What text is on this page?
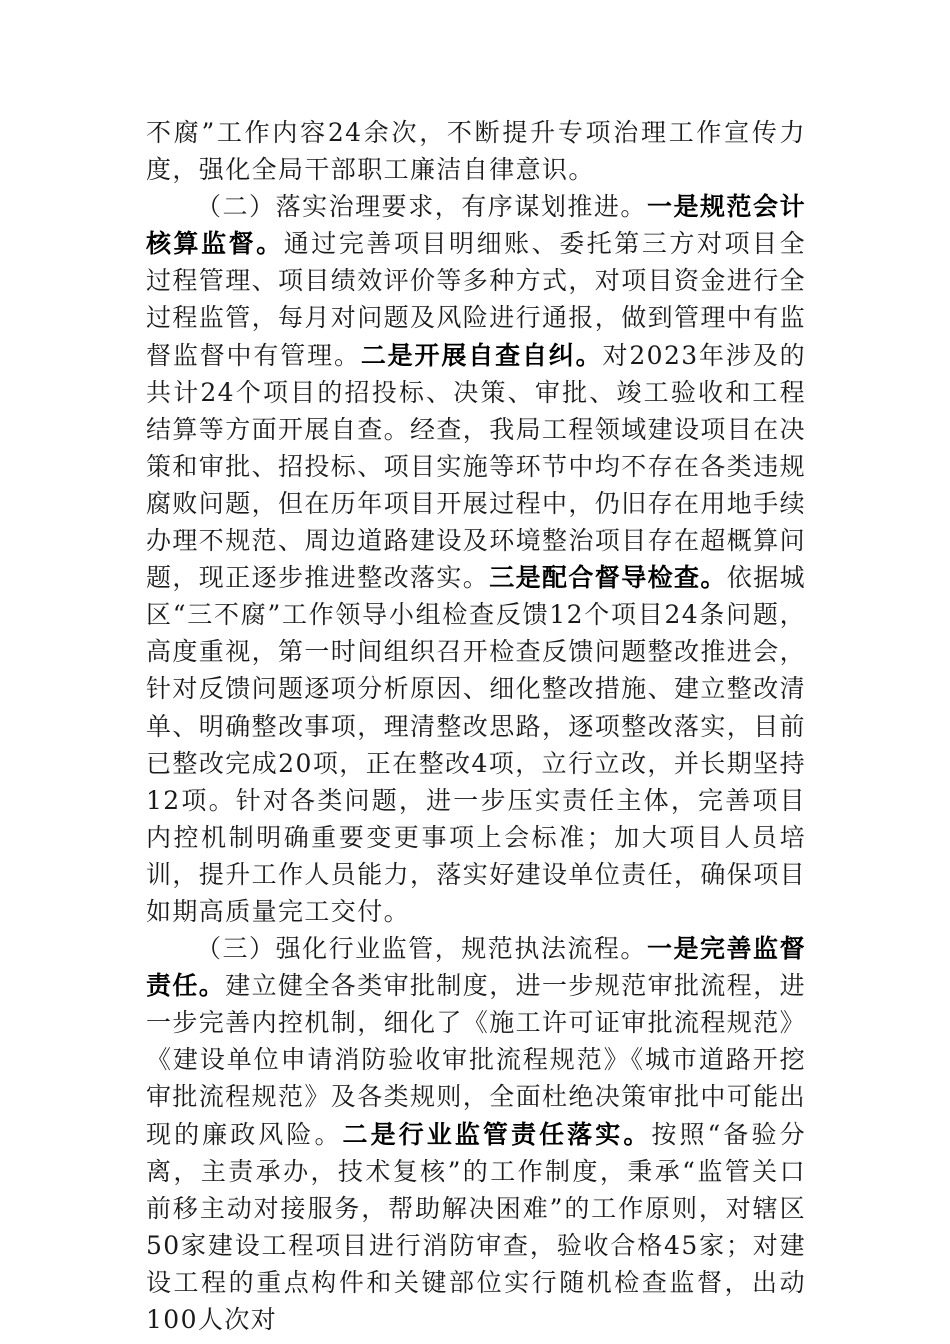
不腐”工作内容24余次，不断提升专项治理工作宣传力度，强化全局干部职工廉洁自律意识。

（二）落实治理要求，有序谋划推进。一是规范会计核算监督。通过完善项目明细账、委托第三方对项目全过程管理、项目绩效评价等多种方式，对项目资金进行全过程监管，每月对问题及风险进行通报，做到管理中有监督监督中有管理。二是开展自查自纠。对2023年涉及的共计24个项目的招投标、决策、审批、竣工验收和工程结算等方面开展自查。经查，我局工程领域建设项目在决策和审批、招投标、项目实施等环节中均不存在各类违规腐败问题，但在历年项目开展过程中，仍旧存在用地手续办理不规范、周边道路建设及环境整治项目存在超概算问题，现正逐步推进整改落实。三是配合督导检查。依据城区“三不腐”工作领导小组检查反馈12个项目24条问题，高度重视，第一时间组织召开检查反馈问题整改推进会，针对反馈问题逐项分析原因、细化整改措施、建立整改清单、明确整改事项，理清整改思路，逐项整改落实，目前已整改完成20项，正在整改4项，立行立改，并长期坚持12项。针对各类问题，进一步压实责任主体，完善项目内控机制明确重要变更事项上会标准；加大项目人员培训，提升工作人员能力，落实好建设单位责任，确保项目如期高质量完工交付。

（三）强化行业监管，规范执法流程。一是完善监督责任。建立健全各类审批制度，进一步规范审批流程，进一步完善内控机制，细化了《施工许可证审批流程规范》《建设单位申请消防验收审批流程规范》《城市道路开挖审批流程规范》及各类规则，全面杜绝决策审批中可能出现的廉政风险。二是行业监管责任落实。按照“备验分离，主责承办，技术复核”的工作制度，秉承“监管关口前移主动对接服务，帮助解决困难”的工作原则，对辖区50家建设工程项目进行消防审查，验收合格45家；对建设工程的重点构件和关键部位实行随机检查监督，出动100人次对
